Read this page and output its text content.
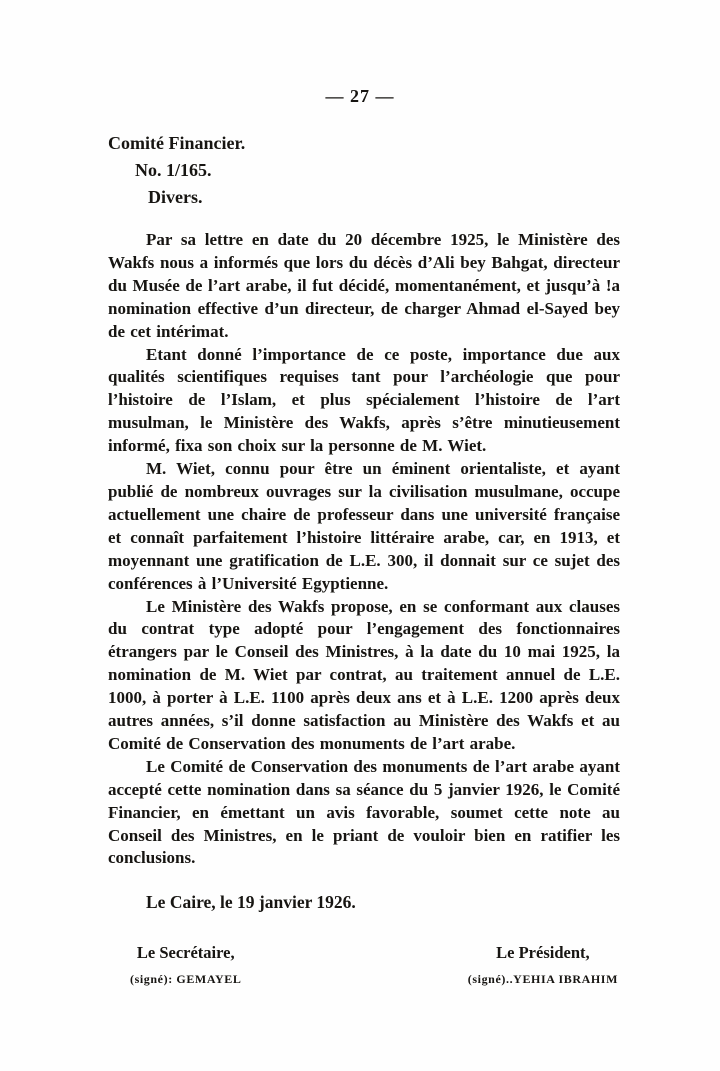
— 27 —
Comité Financier.
No. 1/165.
Divers.

Par sa lettre en date du 20 décembre 1925, le Ministère des Wakfs nous a informés que lors du décès d’Ali bey Bahgat, directeur du Musée de l’art arabe, il fut décidé, momentanément, et jusqu’à !a nomination effective d’un directeur, de charger Ahmad el-Sayed bey de cet intérimat.

Etant donné l’importance de ce poste, importance due aux qualités scientifiques requises tant pour l’archéologie que pour l’histoire de l’Islam, et plus spécialement l’histoire de l’art musulman, le Ministère des Wakfs, après s’être minutieusement informé, fixa son choix sur la personne de M. Wiet.

M. Wiet, connu pour être un éminent orientaliste, et ayant publié de nombreux ouvrages sur la civilisation musulmane, occupe actuellement une chaire de professeur dans une université française et connaît parfaitement l’histoire littéraire arabe, car, en 1913, et moyennant une gratification de L.E. 300, il donnait sur ce sujet des conférences à l’Université Egyptienne.

Le Ministère des Wakfs propose, en se conformant aux clauses du contrat type adopté pour l’engagement des fonctionnaires étrangers par le Conseil des Ministres, à la date du 10 mai 1925, la nomination de M. Wiet par contrat, au traitement annuel de L.E. 1000, à porter à L.E. 1100 après deux ans et à L.E. 1200 après deux autres années, s’il donne satisfaction au Ministère des Wakfs et au Comité de Conservation des monuments de l’art arabe.

Le Comité de Conservation des monuments de l’art arabe ayant accepté cette nomination dans sa séance du 5 janvier 1926, le Comité Financier, en émettant un avis favorable, soumet cette note au Conseil des Ministres, en le priant de vouloir bien en ratifier les conclusions.

Le Caire, le 19 janvier 1926.

Le Secrétaire,
(signé): GEMAYEL
Le Président,
(signé)..YEHIA IBRAHIM
